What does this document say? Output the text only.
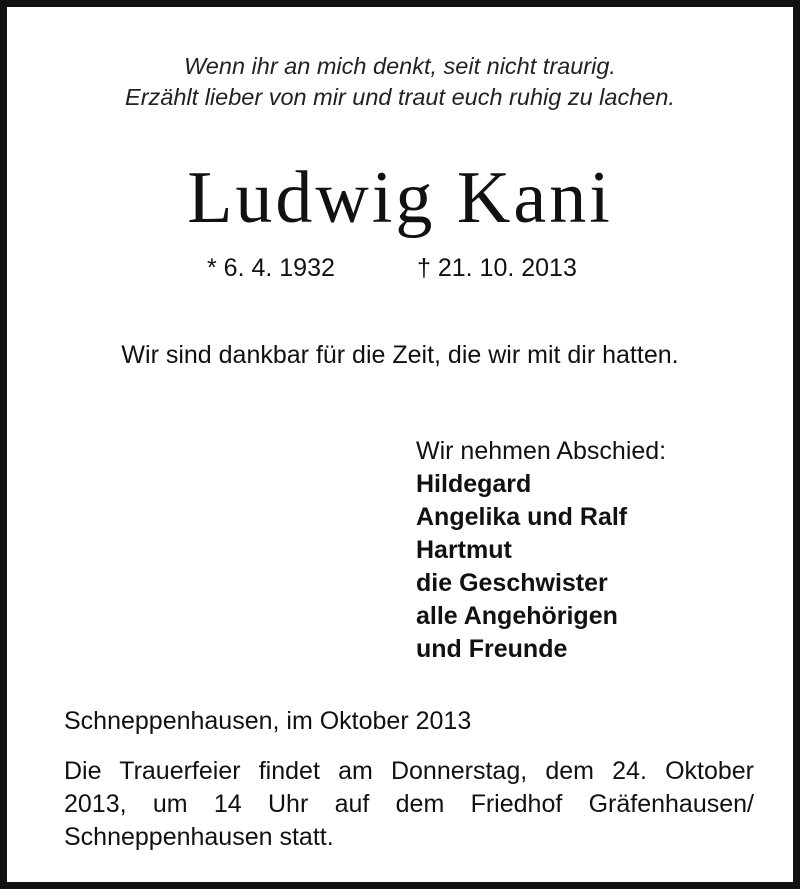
Wenn ihr an mich denkt, seit nicht traurig.
Erzählt lieber von mir und traut euch ruhig zu lachen.
Ludwig Kani
* 6. 4. 1932	† 21. 10. 2013
Wir sind dankbar für die Zeit, die wir mit dir hatten.
Wir nehmen Abschied:
Hildegard
Angelika und Ralf
Hartmut
die Geschwister
alle Angehörigen
und Freunde
Schneppenhausen, im Oktober 2013
Die Trauerfeier findet am Donnerstag, dem 24. Oktober
2013, um 14 Uhr auf dem Friedhof Gräfenhausen/
Schneppenhausen statt.
